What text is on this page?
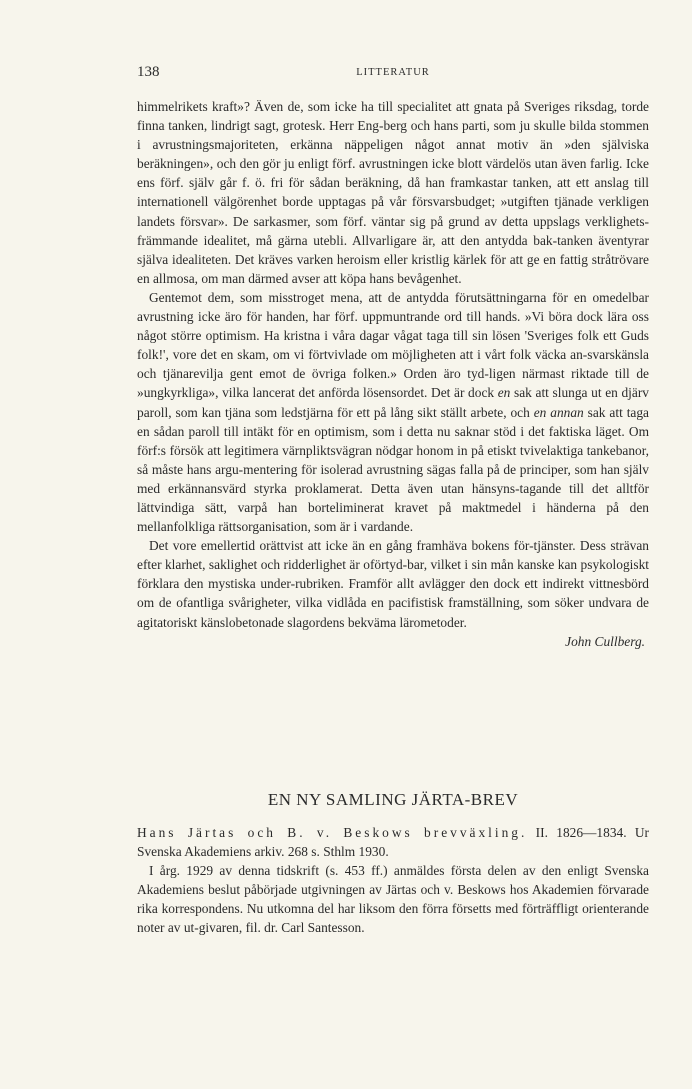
138	LITTERATUR

himmelrikets kraft»? Även de, som icke ha till specialitet att gnata på Sveriges riksdag, torde finna tanken, lindrigt sagt, grotesk. Herr Eng-berg och hans parti, som ju skulle bilda stommen i avrustningsmajoriteten, erkänna näppeligen något annat motiv än »den själviska beräkningen», och den gör ju enligt förf. avrustningen icke blott värdelös utan även farlig. Icke ens förf. själv går f. ö. fri för sådan beräkning, då han framkastar tanken, att ett anslag till internationell välgörenhet borde upptagas på vår försvarsbudget; »utgiften tjänade verkligen landets försvar». De sarkasmer, som förf. väntar sig på grund av detta uppslags verklighets-främmande idealitet, må gärna utebli. Allvarligare är, att den antydda bak-tanken äventyrar själva idealiteten. Det kräves varken heroism eller kristlig kärlek för att ge en fattig stråtrövare en allmosa, om man därmed avser att köpa hans bevågenhet.

Gentemot dem, som misstroget mena, att de antydda förutsättningarna för en omedelbar avrustning icke äro för handen, har förf. uppmuntrande ord till hands. »Vi böra dock lära oss något större optimism. Ha kristna i våra dagar vågat taga till sin lösen 'Sveriges folk ett Guds folk!', vore det en skam, om vi förtvivlade om möjligheten att i vårt folk väcka an-svarskänsla och tjänarevilja gent emot de övriga folken.» Orden äro tyd-ligen närmast riktade till de »ungkyrkliga», vilka lancerat det anförda lösensordet. Det är dock en sak att slunga ut en djärv paroll, som kan tjäna som ledstjärna för ett på lång sikt ställt arbete, och en annan sak att taga en sådan paroll till intäkt för en optimism, som i detta nu saknar stöd i det faktiska läget. Om förf:s försök att legitimera värnpliktsvägran nödgar honom in på etiskt tvivelaktiga tankebanor, så måste hans argu-mentering för isolerad avrustning sägas falla på de principer, som han själv med erkännansvärd styrka proklamerat. Detta även utan hänsyns-tagande till det alltför lättvindiga sätt, varpå han borteliminerat kravet på maktmedel i händerna på den mellanfolkliga rättsorganisation, som är i vardande.

Det vore emellertid orättvist att icke än en gång framhäva bokens för-tjänster. Dess strävan efter klarhet, saklighet och ridderlighet är oförtyd-bar, vilket i sin mån kanske kan psykologiskt förklara den mystiska under-rubriken. Framför allt avlägger den dock ett indirekt vittnesbörd om de ofantliga svårigheter, vilka vidlåda en pacifistisk framställning, som söker undvara de agitatoriskt känslobetonade slagordens bekväma lärometoder.

John Cullberg.
EN NY SAMLING JÄRTA-BREV

Hans Järtas och B. v. Beskows brevväxling. II. 1826—1834. Ur Svenska Akademiens arkiv. 268 s. Sthlm 1930.

I årg. 1929 av denna tidskrift (s. 453 ff.) anmäldes första delen av den enligt Svenska Akademiens beslut påbörjade utgivningen av Järtas och v. Beskows hos Akademien förvarade rika korrespondens. Nu utkomna del har liksom den förra försetts med förträffligt orienterande noter av ut-givaren, fil. dr. Carl Santesson.
